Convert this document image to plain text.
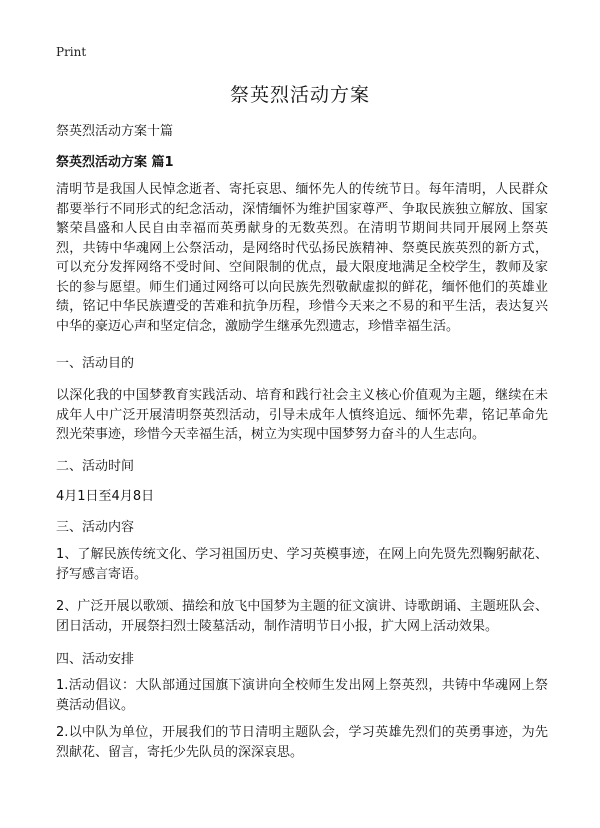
Print
祭英烈活动方案

祭英烈活动方案十篇

祭英烈活动方案 篇1

清明节是我国人民悼念逝者、寄托哀思、缅怀先人的传统节日。每年清明，人民群众都要举行不同形式的纪念活动，深情缅怀为维护国家尊严、争取民族独立解放、国家繁荣昌盛和人民自由幸福而英勇献身的无数英烈。在清明节期间共同开展网上祭英烈，共铸中华魂网上公祭活动，是网络时代弘扬民族精神、祭奠民族英烈的新方式，可以充分发挥网络不受时间、空间限制的优点，最大限度地满足全校学生，教师及家长的参与愿望。师生们通过网络可以向民族先烈敬献虚拟的鲜花，缅怀他们的英雄业绩，铭记中华民族遭受的苦难和抗争历程，珍惜今天来之不易的和平生活，表达复兴中华的豪迈心声和坚定信念，激励学生继承先烈遗志，珍惜幸福生活。

一、活动目的

以深化我的中国梦教育实践活动、培育和践行社会主义核心价值观为主题，继续在未成年人中广泛开展清明祭英烈活动，引导未成年人慎终追远、缅怀先辈，铭记革命先烈光荣事迹，珍惜今天幸福生活，树立为实现中国梦努力奋斗的人生志向。

二、活动时间

4月1日至4月8日

三、活动内容

1、了解民族传统文化、学习祖国历史、学习英模事迹，在网上向先贤先烈鞠躬献花、抒写感言寄语。

2、广泛开展以歌颂、描绘和放飞中国梦为主题的征文演讲、诗歌朗诵、主题班队会、团日活动，开展祭扫烈士陵墓活动，制作清明节日小报，扩大网上活动效果。

四、活动安排

1.活动倡议：大队部通过国旗下演讲向全校师生发出网上祭英烈，共铸中华魂网上祭奠活动倡议。

2.以中队为单位，开展我们的节日清明主题队会，学习英雄先烈们的英勇事迹，为先烈献花、留言，寄托少先队员的深深哀思。
